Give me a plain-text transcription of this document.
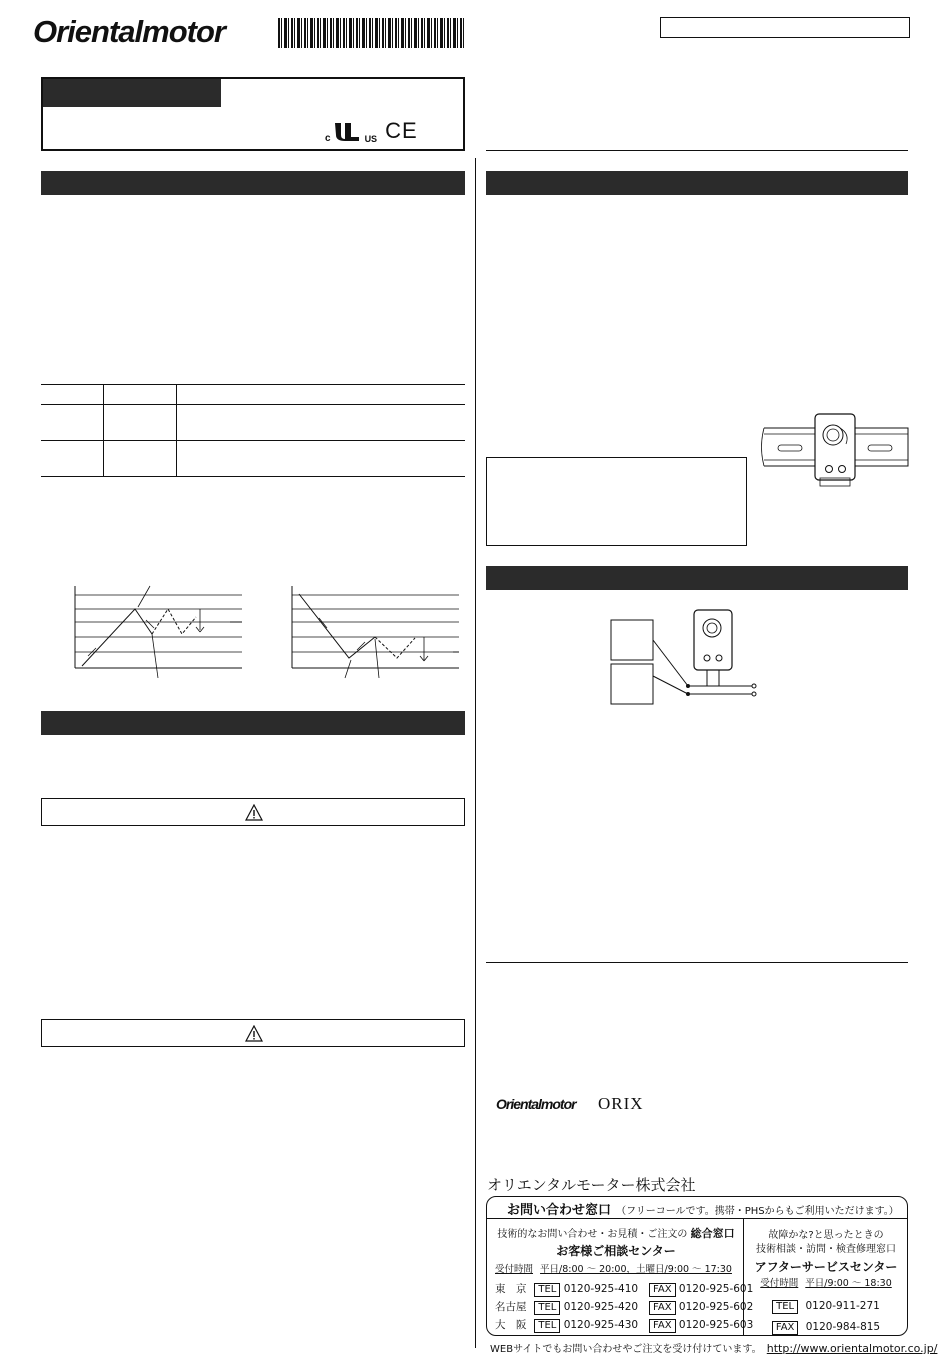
Orientalmotor
c	US CE
Orientalmotor ORIX
オリエンタルモーター株式会社
お問い合わせ窓口 （フリーコールです。携帯・PHSからもご利用いただけます。）
技術的なお問い合わせ・お見積・ご注文の 総合窓口
お客様ご相談センター
受付時間 平日/8:00 〜 20:00，土曜日/9:00 〜 17:30
東　京 TEL 0120-925-410 FAX 0120-925-601
名古屋 TEL 0120-925-420 FAX 0120-925-602
大　阪 TEL 0120-925-430 FAX 0120-925-603
故障かな?と思ったときの
技術相談・訪問・検査修理窓口
アフターサービスセンター
受付時間 平日/9:00 〜 18:30
TEL 0120-911-271
FAX 0120-984-815
WEBサイトでもお問い合わせやご注文を受け付けています。 http://www.orientalmotor.co.jp/
